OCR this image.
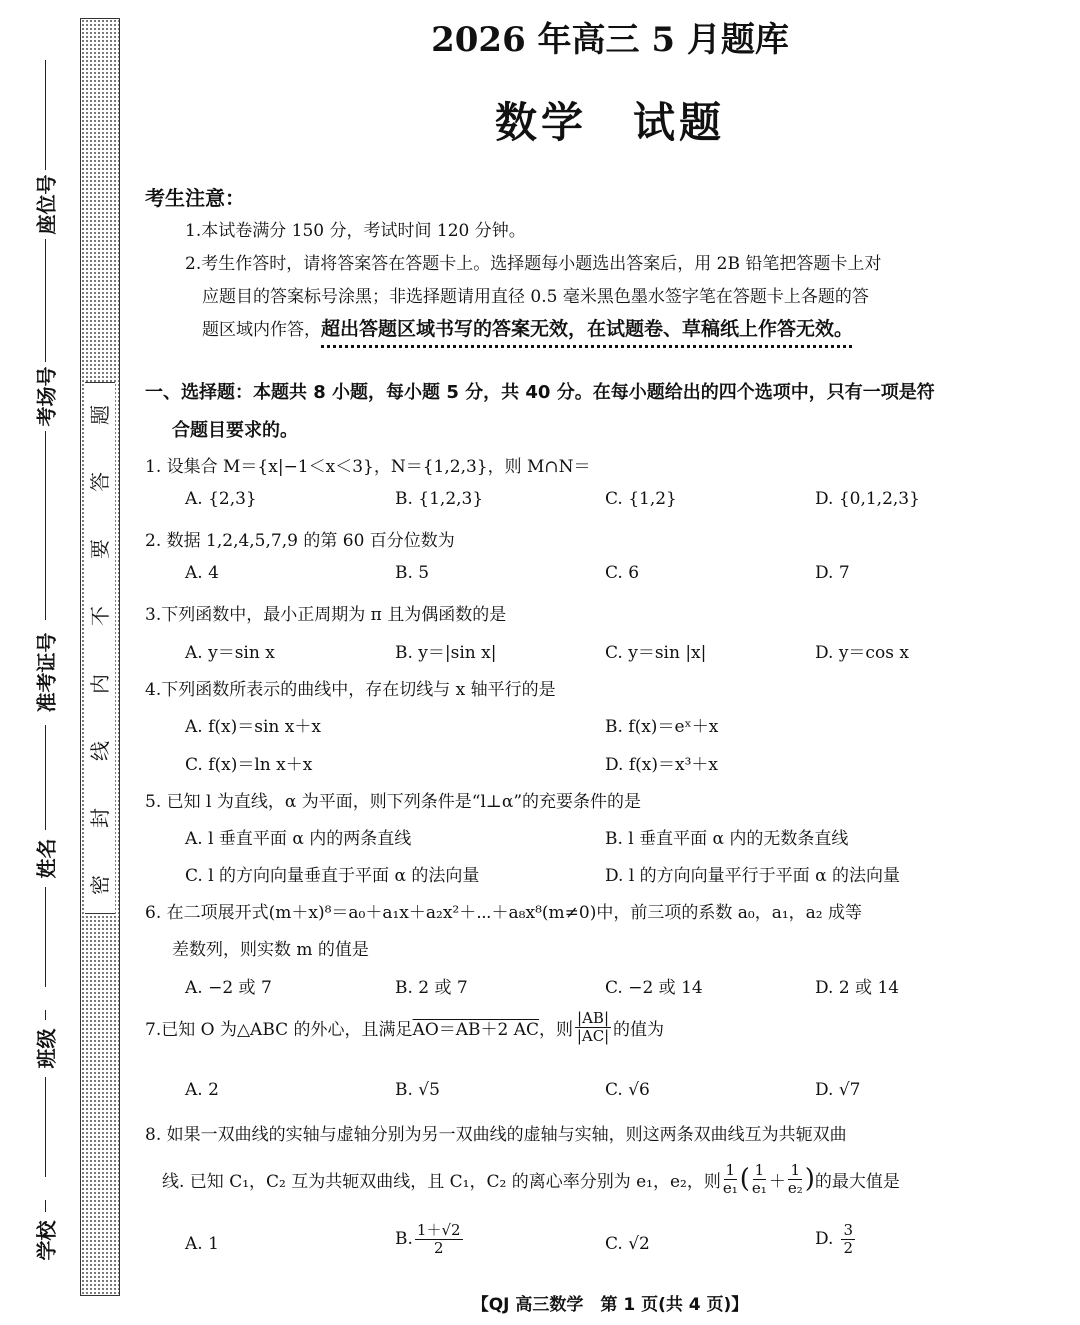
题
答
要
不
内
线
封
密
座位号
考场号
准考证号
姓名
班级
学校
2026 年高三 5 月题库
数学 试题
考生注意：
1.本试卷满分 150 分，考试时间 120 分钟。
2.考生作答时，请将答案答在答题卡上。选择题每小题选出答案后，用 2B 铅笔把答题卡上对
应题目的答案标号涂黑；非选择题请用直径 0.5 毫米黑色墨水签字笔在答题卡上各题的答
题区域内作答，超出答题区域书写的答案无效，在试题卷、草稿纸上作答无效。
一、选择题：本题共 8 小题，每小题 5 分，共 40 分。在每小题给出的四个选项中，只有一项是符
合题目要求的。
1. 设集合 M＝{x|−1＜x＜3}，N＝{1,2,3}，则 M∩N＝
A. {2,3}	B. {1,2,3}	C. {1,2}	D. {0,1,2,3}
2. 数据 1,2,4,5,7,9 的第 60 百分位数为
A. 4	B. 5	C. 6	D. 7
3.下列函数中，最小正周期为 π 且为偶函数的是
A. y＝sin x	B. y＝|sin x|	C. y＝sin |x|	D. y＝cos x
4.下列函数所表示的曲线中，存在切线与 x 轴平行的是
A. f(x)＝sin x＋x	B. f(x)＝eˣ＋x
C. f(x)＝ln x＋x	D. f(x)＝x³＋x
5. 已知 l 为直线，α 为平面，则下列条件是“l⊥α”的充要条件的是
A. l 垂直平面 α 内的两条直线	B. l 垂直平面 α 内的无数条直线
C. l 的方向向量垂直于平面 α 的法向量	D. l 的方向向量平行于平面 α 的法向量
6. 在二项展开式(m＋x)⁸＝a₀＋a₁x＋a₂x²＋⋯＋a₈x⁸(m≠0)中，前三项的系数 a₀，a₁，a₂ 成等
差数列，则实数 m 的值是
A. −2 或 7	B. 2 或 7	C. −2 或 14	D. 2 或 14
7.已知 O 为△ABC 的外心，且满足 AO＝AB＋2 AC ，则 $\frac{|AB|}{|AC|}$ 的值为
A. 2	B. √5	C. √6	D. √7
8. 如果一双曲线的实轴与虚轴分别为另一双曲线的虚轴与实轴，则这两条双曲线互为共轭双曲
线. 已知 C₁，C₂ 互为共轭双曲线，且 C₁，C₂ 的离心率分别为 e₁，e₂，则 $\frac{1}{\text{e₁}}$ ( $\frac{1}{\text{e₁}} + \frac{1}{\text{e₂}}$ ) 的最大值是
A. 1	B. $\frac{1+√2}{2}$	C. √2	D. $\frac{3}{2}$
【QJ 高三数学　第 1 页(共 4 页)】
